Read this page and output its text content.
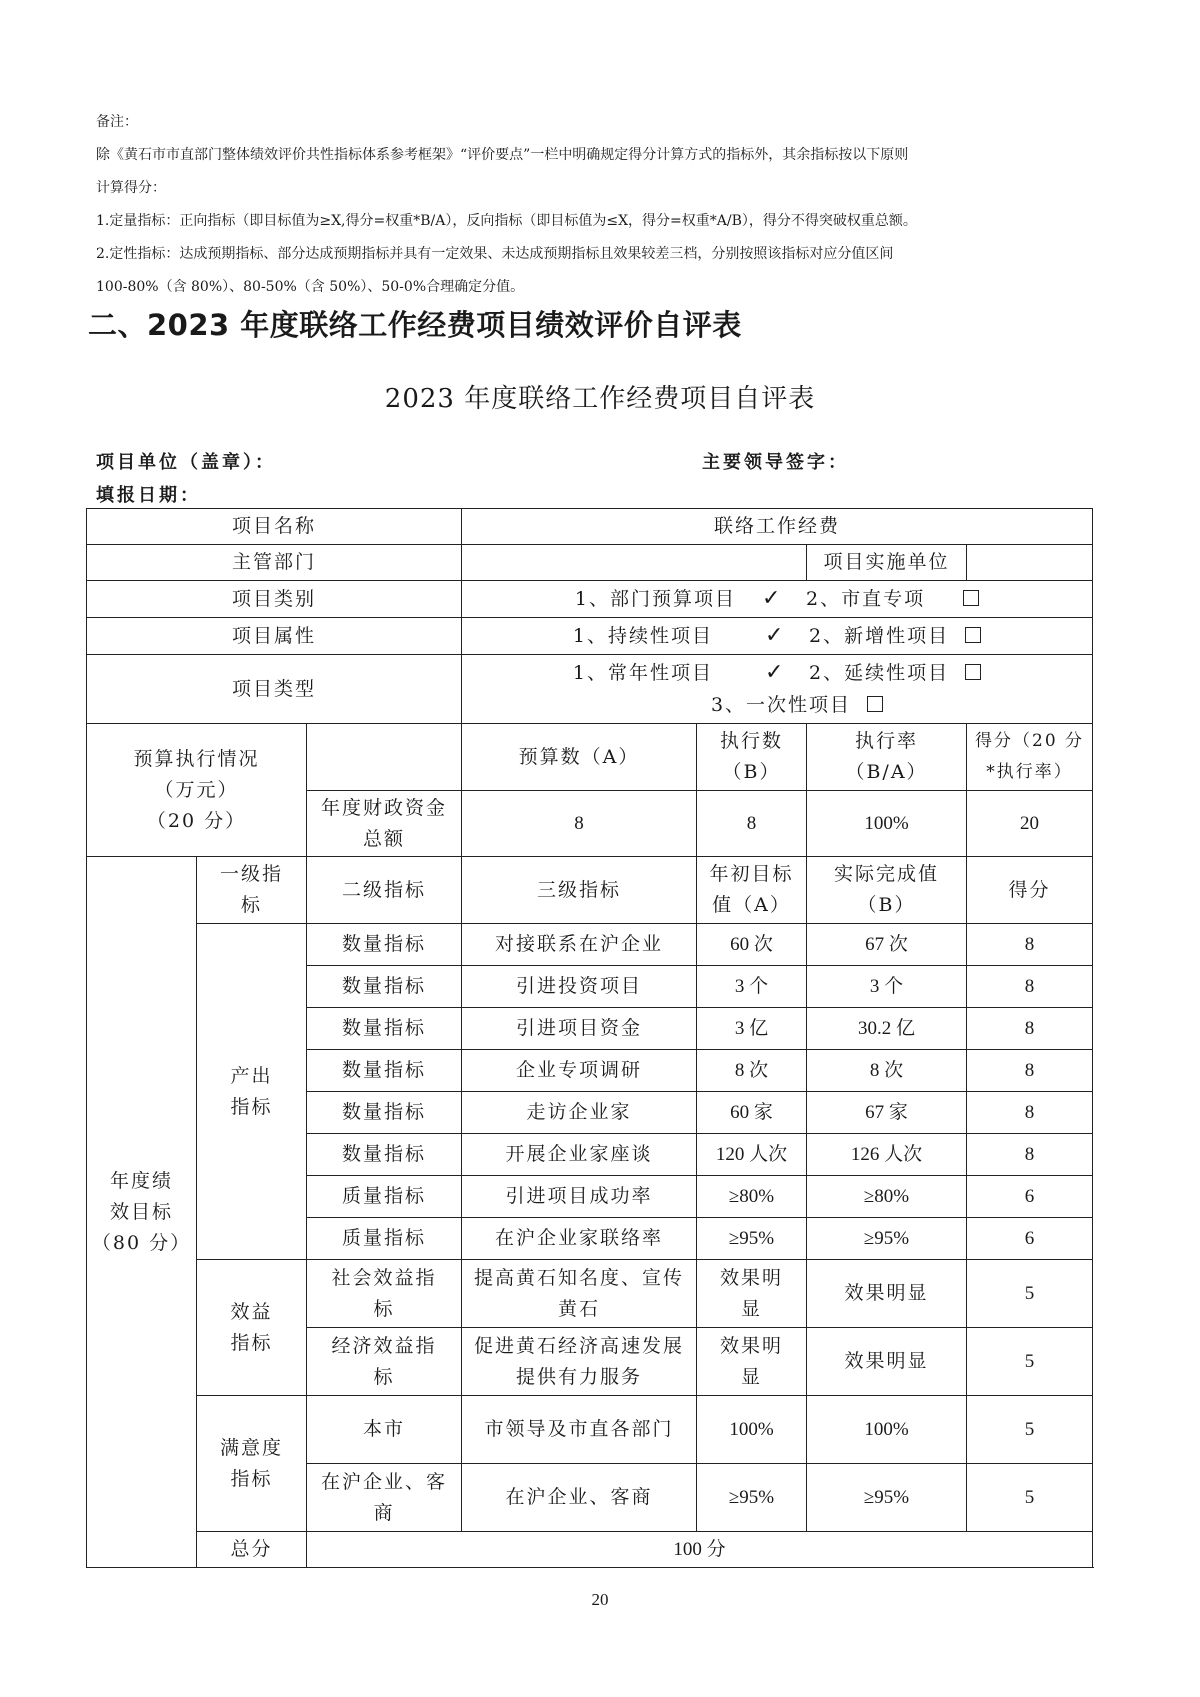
备注：
除《黄石市市直部门整体绩效评价共性指标体系参考框架》“评价要点”一栏中明确规定得分计算方式的指标外，其余指标按以下原则
计算得分：
1.定量指标：正向指标（即目标值为≥X,得分=权重*B/A），反向指标（即目标值为≤X，得分=权重*A/B），得分不得突破权重总额。
2.定性指标：达成预期指标、部分达成预期指标并具有一定效果、未达成预期指标且效果较差三档，分别按照该指标对应分值区间
100-80%（含 80%）、80-50%（含 50%）、50-0%合理确定分值。
二、2023 年度联络工作经费项目绩效评价自评表
2023 年度联络工作经费项目自评表
项目单位（盖章）：	主要领导签字：
填报日期：
项目名称			联络工作经费			
主管部门					项目实施单位	
项目类别			1、部门预算项目 ✓ 2、市直专项			
项目属性			1、持续性项目 ✓ 2、新增性项目			
项目类型			1、常年性项目 ✓ 2、延续性项目 3、一次性项目			

预算执行情况
（万元）
（20 分）			预算数（A）	执行数（B）	执行率（B/A）	得分（20 分*执行率）
		年度财政资金总额	8	8	100%	20

年度绩
效目标
（80 分）	一级指标	二级指标	三级指标	年初目标值（A）	实际完成值（B）	得分
	产出指标	数量指标	对接联系在沪企业	60 次	67 次	8
		数量指标	引进投资项目	3 个	3 个	8
		数量指标	引进项目资金	3 亿	30.2 亿	8
		数量指标	企业专项调研	8 次	8 次	8
		数量指标	走访企业家	60 家	67 家	8
		数量指标	开展企业家座谈	120 人次	126 人次	8
		质量指标	引进项目成功率	≥80%	≥80%	6
		质量指标	在沪企业家联络率	≥95%	≥95%	6
	效益指标	社会效益指标	提高黄石知名度、宣传黄石	效果明显	效果明显	5
		经济效益指标	促进黄石经济高速发展提供有力服务	效果明显	效果明显	5
	满意度指标	本市	市领导及市直各部门	100%	100%	5
		在沪企业、客商	在沪企业、客商	≥95%	≥95%	5
	总分	100 分				
20
